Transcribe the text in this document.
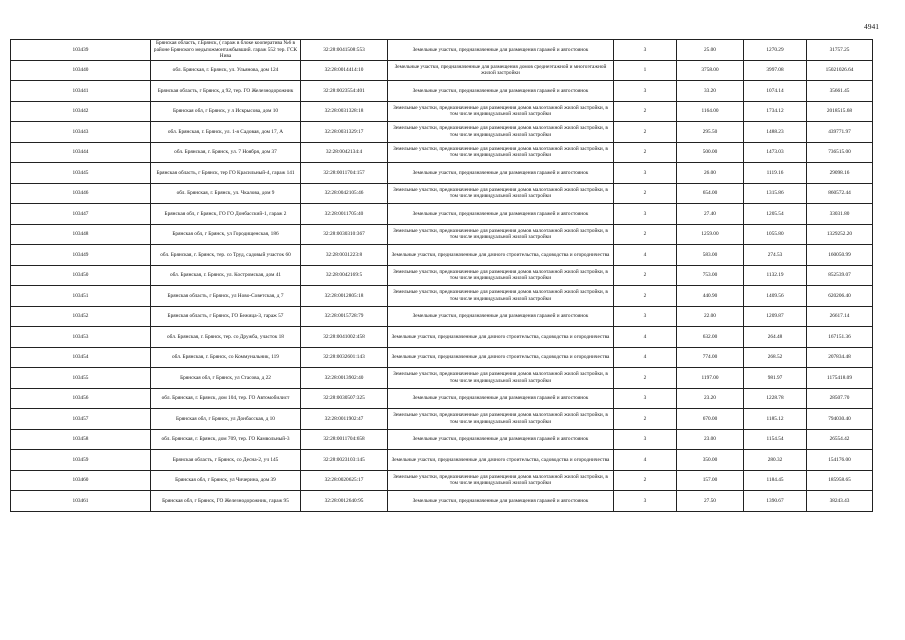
4941
103439	Брянская область, г.Брянск, ( гараж в блоке кооператива №6 в районе Брянского медьпожмонтажбывший. гараж 552 тер. ГСК Нива	32:28:0041508:553	Земельные участки, предназначенные для размещения гаражей и автостоянок	3	25.00	1270.29	31757.25
103440	обл. Брянская, г. Брянск, ул. Ульянова, дом 124	32:28:0014414:10	Земельные участки, предназначенные для размещения домов среднеэтажной и многоэтажной жилой застройки	1	3758.00	3997.08	15021026.64
103441	Брянская область, г Брянск, д 92, тер. ГО Железнодорожник	32:28:0023554:401	Земельные участки, предназначенные для размещения гаражей и автостоянок	3	33.20	1074.14	35661.45
103442	Брянская обл, г Брянск, у л Искрысова, дом 10	32:28:0031328:18	Земельные участки, предназначенные для размещения домов малоэтажной жилой застройки, в том числе индивидуальной жилой застройки	2	1164.00	1734.12	2018515.68
103443	обл. Брянская, г. Брянск, ул. 1-я Садовая, дом 17, А	32:28:0031329:17	Земельные участки, предназначенные для размещения домов малоэтажной жилой застройки, в том числе индивидуальной жилой застройки	2	295.50	1488.23	439771.97
103444	обл. Брянская, г. Брянск, ул. 7 Ноября, дом 37	32:28:0042134:4	Земельные участки, предназначенные для размещения домов малоэтажной жилой застройки, в том числе индивидуальной жилой застройки	2	500.00	1473.03	736515.00
103445	Брянская область, г Брянск, тер ГО Красильный-4, гараж 141	32:28:0011704:157	Земельные участки, предназначенные для размещения гаражей и автостоянок	3	26.00	1119.16	29098.16
103446	обл. Брянская, г. Брянск, ул. Чкалова, дом 9	32:28:0042105:46	Земельные участки, предназначенные для размещения домов малоэтажной жилой застройки, в том числе индивидуальной жилой застройки	2	654.00	1315.86	860572.44
103447	Брянская обл, г Брянск, ГО ГО Донбасский-1, гараж 2	32:28:0011705:40	Земельные участки, предназначенные для размещения гаражей и автостоянок	3	27.40	1205.54	33031.80
103448	Брянская обл, г Брянск, ул Городищенская, 186	32:28:0030310:367	Земельные участки, предназначенные для размещения домов малоэтажной жилой застройки, в том числе индивидуальной жилой застройки	2	1259.00	1055.80	1329252.20
103449	обл. Брянская, г. Брянск, тер. со Труд, садовый участок 60	32:28:0031223:8	Земельные участки, предназначенные для дачного строительства, садоводства и огородничества	4	583.00	274.53	160050.99
103450	обл. Брянская, г. Брянск, ул. Костромская, дом 41	32:28:0042169:5	Земельные участки, предназначенные для размещения домов малоэтажной жилой застройки, в том числе индивидуальной жилой застройки	2	753.00	1132.19	852539.07
103451	Брянская область, г Брянск, ул Ново-Советская, д 7	32:28:0012805:18	Земельные участки, предназначенные для размещения домов малоэтажной жилой застройки, в том числе индивидуальной жилой застройки	2	440.90	1409.56	620206.40
103452	Брянская область, г Брянск, ГО Бежица-3, гараж 57	32:28:0015728:79	Земельные участки, предназначенные для размещения гаражей и автостоянок	3	22.00	1209.87	26617.14
103453	обл. Брянская, г. Брянск, тер. со Дружба, участок 18	32:28:0041002:458	Земельные участки, предназначенные для дачного строительства, садоводства и огородничества	4	632.00	264.48	167151.36
103454	обл. Брянская, г. Брянск, со Коммунальник, 119	32:28:0032601:143	Земельные участки, предназначенные для дачного строительства, садоводства и огородничества	4	774.00	268.52	207834.48
103455	Брянская обл, г Брянск, ул Стасова, д 22	32:28:0013902:40	Земельные участки, предназначенные для размещения домов малоэтажной жилой застройки, в том числе индивидуальной жилой застройки	2	1197.00	981.97	1175418.09
103456	обл. Брянская, г. Брянск, дом 104, тер. ГО Автомобилист	32:28:0030507:325	Земельные участки, предназначенные для размещения гаражей и автостоянок	3	23.20	1228.78	28507.70
103457	Брянская обл, г Брянск, ул Донбасская, д 10	32:28:0011902:47	Земельные участки, предназначенные для размещения домов малоэтажной жилой застройки, в том числе индивидуальной жилой застройки	2	670.00	1185.12	794030.40
103458	обл. Брянская, г. Брянск, дом 709, тер. ГО Камвольный-3	32:28:0011704:658	Земельные участки, предназначенные для размещения гаражей и автостоянок	3	23.00	1154.54	26554.42
103459	Брянская область, г Брянск, со Десна-2, уч 145	32:28:0023103:145	Земельные участки, предназначенные для дачного строительства, садоводства и огородничества	4	350.00	280.32	154176.00
103460	Брянская обл, г Брянск, ул Чичерина, дом 39	32:28:0020625:17	Земельные участки, предназначенные для размещения домов малоэтажной жилой застройки, в том числе индивидуальной жилой застройки	2	157.00	1184.45	185958.65
103461	Брянская обл, г Брянск, ГО Железнодорожник, гараж 95	32:28:0012640:95	Земельные участки, предназначенные для размещения гаражей и автостоянок	3	27.50	1390.67	38243.43
